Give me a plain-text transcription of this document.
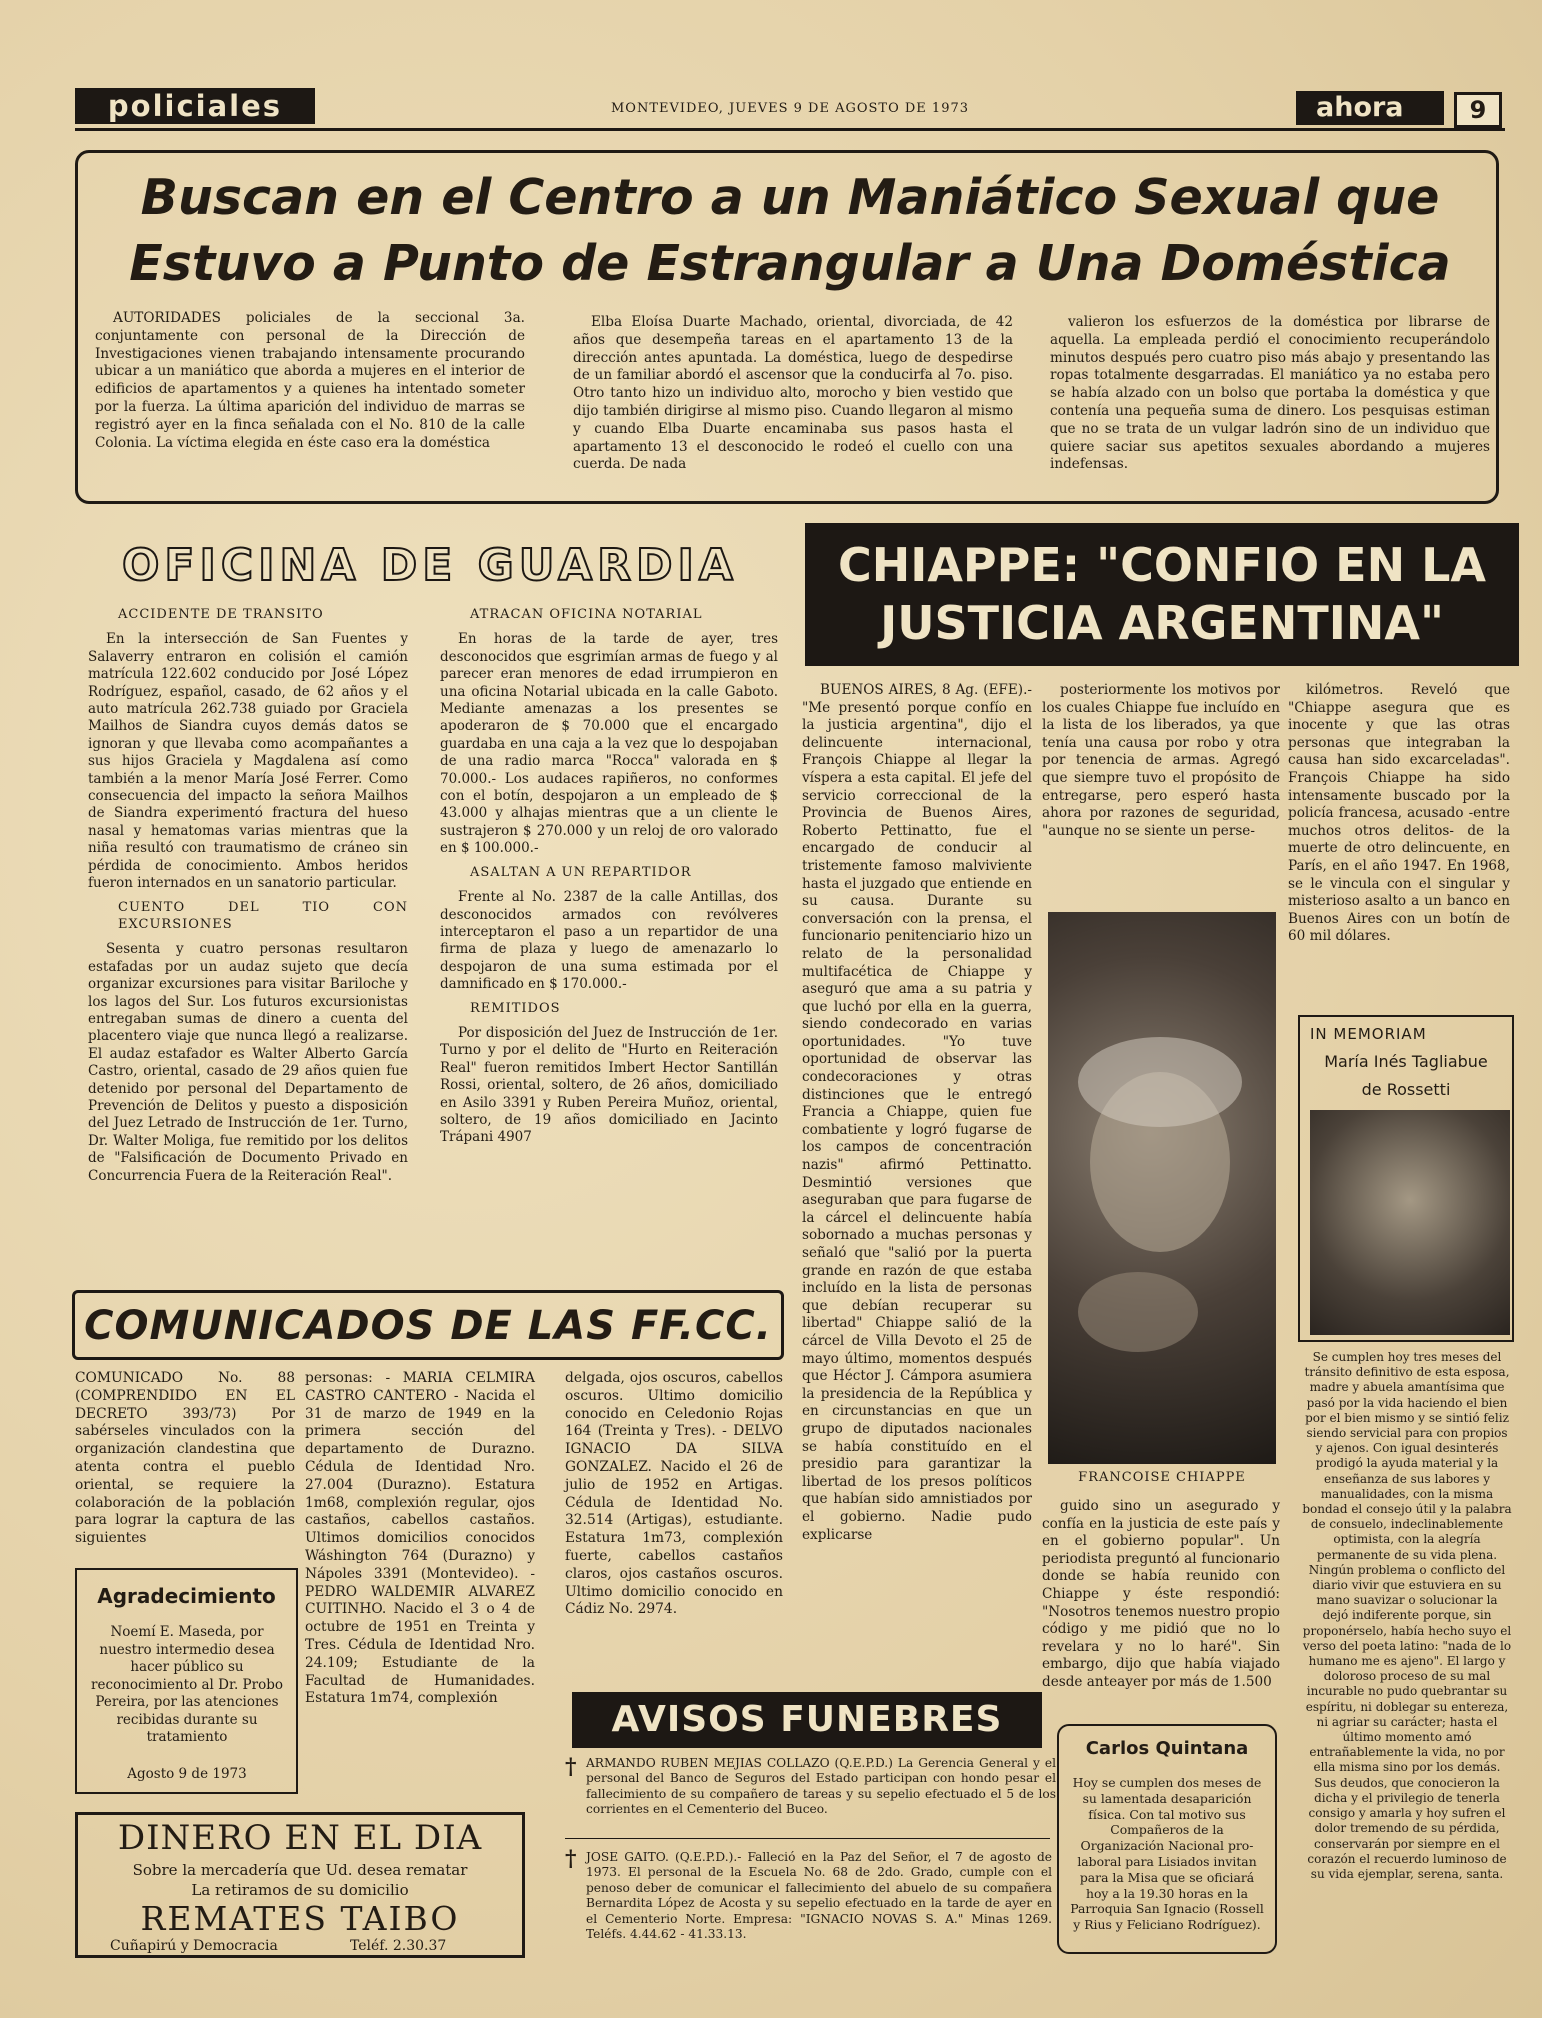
policiales	MONTEVIDEO, JUEVES 9 DE AGOSTO DE 1973	ahora	9
Buscan en el Centro a un Maniático Sexual que
Estuvo a Punto de Estrangular a Una Doméstica

AUTORIDADES policiales de la seccional 3a. conjuntamente con personal de la Dirección de Investigaciones vienen trabajando intensamente procurando ubicar a un maniático que aborda a mujeres en el interior de edificios de apartamentos y a quienes ha intentado someter por la fuerza. La última aparición del individuo de marras se registró ayer en la finca señalada con el No. 810 de la calle Colonia. La víctima elegida en éste caso era la doméstica

Elba Eloísa Duarte Machado, oriental, divorciada, de 42 años que desempeña tareas en el apartamento 13 de la dirección antes apuntada. La doméstica, luego de despedirse de un familiar abordó el ascensor que la conducirfa al 7o. piso. Otro tanto hizo un individuo alto, morocho y bien vestido que dijo también dirigirse al mismo piso. Cuando llegaron al mismo y cuando Elba Duarte encaminaba sus pasos hasta el apartamento 13 el desconocido le rodeó el cuello con una cuerda. De nada

valieron los esfuerzos de la doméstica por librarse de aquella. La empleada perdió el conocimiento recuperándolo minutos después pero cuatro piso más abajo y presentando las ropas totalmente desgarradas. El maniático ya no estaba pero se había alzado con un bolso que portaba la doméstica y que contenía una pequeña suma de dinero. Los pesquisas estiman que no se trata de un vulgar ladrón sino de un individuo que quiere saciar sus apetitos sexuales abordando a mujeres indefensas.

OFICINA DE GUARDIA
ACCIDENTE DE TRANSITO

En la intersección de San Fuentes y Salaverry entraron en colisión el camión matrícula 122.602 conducido por José López Rodríguez, español, casado, de 62 años y el auto matrícula 262.738 guiado por Graciela Mailhos de Siandra cuyos demás datos se ignoran y que llevaba como acompañantes a sus hijos Graciela y Magdalena así como también a la menor María José Ferrer. Como consecuencia del impacto la señora Mailhos de Siandra experimentó fractura del hueso nasal y hematomas varias mientras que la niña resultó con traumatismo de cráneo sin pérdida de conocimiento. Ambos heridos fueron internados en un sanatorio particular.

CUENTO DEL TIO CON EXCURSIONES

Sesenta y cuatro personas resultaron estafadas por un audaz sujeto que decía organizar excursiones para visitar Bariloche y los lagos del Sur. Los futuros excursionistas entregaban sumas de dinero a cuenta del placentero viaje que nunca llegó a realizarse. El audaz estafador es Walter Alberto García Castro, oriental, casado de 29 años quien fue detenido por personal del Departamento de Prevención de Delitos y puesto a disposición del Juez Letrado de Instrucción de 1er. Turno, Dr. Walter Moliga, fue remitido por los delitos de "Falsificación de Documento Privado en Concurrencia Fuera de la Reiteración Real".

ATRACAN OFICINA NOTARIAL

En horas de la tarde de ayer, tres desconocidos que esgrimían armas de fuego y al parecer eran menores de edad irrumpieron en una oficina Notarial ubicada en la calle Gaboto. Mediante amenazas a los presentes se apoderaron de $ 70.000 que el encargado guardaba en una caja a la vez que lo despojaban de una radio marca "Rocca" valorada en $ 70.000.- Los audaces rapiñeros, no conformes con el botín, despojaron a un empleado de $ 43.000 y alhajas mientras que a un cliente le sustrajeron $ 270.000 y un reloj de oro valorado en $ 100.000.-

ASALTAN A UN REPARTIDOR

Frente al No. 2387 de la calle Antillas, dos desconocidos armados con revólveres interceptaron el paso a un repartidor de una firma de plaza y luego de amenazarlo lo despojaron de una suma estimada por el damnificado en $ 170.000.-

REMITIDOS

Por disposición del Juez de Instrucción de 1er. Turno y por el delito de "Hurto en Reiteración Real" fueron remitidos Imbert Hector Santillán Rossi, oriental, soltero, de 26 años, domiciliado en Asilo 3391 y Ruben Pereira Muñoz, oriental, soltero, de 19 años domiciliado en Jacinto Trápani 4907

CHIAPPE: "CONFIO EN LA
JUSTICIA ARGENTINA"

BUENOS AIRES, 8 Ag. (EFE).- "Me presentó porque confío en la justicia argentina", dijo el delincuente internacional, François Chiappe al llegar la víspera a esta capital. El jefe del servicio correccional de la Provincia de Buenos Aires, Roberto Pettinatto, fue el encargado de conducir al tristemente famoso malviviente hasta el juzgado que entiende en su causa. Durante su conversación con la prensa, el funcionario penitenciario hizo un relato de la personalidad multifacética de Chiappe y aseguró que ama a su patria y que luchó por ella en la guerra, siendo condecorado en varias oportunidades. "Yo tuve oportunidad de observar las condecoraciones y otras distinciones que le entregó Francia a Chiappe, quien fue combatiente y logró fugarse de los campos de concentración nazis" afirmó Pettinatto. Desmintió versiones que aseguraban que para fugarse de la cárcel el delincuente había sobornado a muchas personas y señaló que "salió por la puerta grande en razón de que estaba incluído en la lista de personas que debían recuperar su libertad" Chiappe salió de la cárcel de Villa Devoto el 25 de mayo último, momentos después que Héctor J. Cámpora asumiera la presidencia de la República y en circunstancias en que un grupo de diputados nacionales se había constituído en el presidio para garantizar la libertad de los presos políticos que habían sido amnistiados por el gobierno. Nadie pudo explicarse

posteriormente los motivos por los cuales Chiappe fue incluído en la lista de los liberados, ya que tenía una causa por robo y otra por tenencia de armas. Agregó que siempre tuvo el propósito de entregarse, pero esperó hasta ahora por razones de seguridad, "aunque no se siente un perse-

FRANCOISE CHIAPPE

guido sino un asegurado y confía en la justicia de este país y en el gobierno popular". Un periodista preguntó al funcionario donde se había reunido con Chiappe y éste respondió: "Nosotros tenemos nuestro propio código y me pidió que no lo revelara y no lo haré". Sin embargo, dijo que había viajado desde anteayer por más de 1.500

kilómetros. Reveló que "Chiappe asegura que es inocente y que las otras personas que integraban la causa han sido excarceladas". François Chiappe ha sido intensamente buscado por la policía francesa, acusado -entre muchos otros delitos- de la muerte de otro delincuente, en París, en el año 1947. En 1968, se le vincula con el singular y misterioso asalto a un banco en Buenos Aires con un botín de 60 mil dólares.

IN MEMORIAM
María Inés Tagliabue
de Rossetti

Se cumplen hoy tres meses del tránsito definitivo de esta esposa, madre y abuela amantísima que pasó por la vida haciendo el bien por el bien mismo y se sintió feliz siendo servicial para con propios y ajenos. Con igual desinterés prodigó la ayuda material y la enseñanza de sus labores y manualidades, con la misma bondad el consejo útil y la palabra de consuelo, indeclinablemente optimista, con la alegría permanente de su vida plena. Ningún problema o conflicto del diario vivir que estuviera en su mano suavizar o solucionar la dejó indiferente porque, sin proponérselo, había hecho suyo el verso del poeta latino: "nada de lo humano me es ajeno". El largo y doloroso proceso de su mal incurable no pudo quebrantar su espíritu, ni doblegar su entereza, ni agriar su carácter; hasta el último momento amó entrañablemente la vida, no por ella misma sino por los demás. Sus deudos, que conocieron la dicha y el privilegio de tenerla consigo y amarla y hoy sufren el dolor tremendo de su pérdida, conservarán por siempre en el corazón el recuerdo luminoso de su vida ejemplar, serena, santa.

COMUNICADOS DE LAS FF.CC.

COMUNICADO No. 88 (COMPRENDIDO EN EL DECRETO 393/73) Por sabérseles vinculados con la organización clandestina que atenta contra el pueblo oriental, se requiere la colaboración de la población para lograr la captura de las siguientes

personas: - MARIA CELMIRA CASTRO CANTERO - Nacida el 31 de marzo de 1949 en la primera sección del departamento de Durazno. Cédula de Identidad Nro. 27.004 (Durazno). Estatura 1m68, complexión regular, ojos castaños, cabellos castaños. Ultimos domicilios conocidos Wáshington 764 (Durazno) y Nápoles 3391 (Montevideo). - PEDRO WALDEMIR ALVAREZ CUITINHO. Nacido el 3 o 4 de octubre de 1951 en Treinta y Tres. Cédula de Identidad Nro. 24.109; Estudiante de la Facultad de Humanidades. Estatura 1m74, complexión

delgada, ojos oscuros, cabellos oscuros. Ultimo domicilio conocido en Celedonio Rojas 164 (Treinta y Tres). - DELVO IGNACIO DA SILVA GONZALEZ. Nacido el 26 de julio de 1952 en Artigas. Cédula de Identidad No. 32.514 (Artigas), estudiante. Estatura 1m73, complexión fuerte, cabellos castaños claros, ojos castaños oscuros. Ultimo domicilio conocido en Cádiz No. 2974.

Agradecimiento
Noemí E. Maseda, por nuestro intermedio desea hacer público su reconocimiento al Dr. Probo Pereira, por las atenciones recibidas durante su tratamiento
Agosto 9 de 1973
DINERO EN EL DIA
Sobre la mercadería que Ud. desea rematar
La retiramos de su domicilio
REMATES TAIBO
Cuñapirú y Democracia	Teléf. 2.30.37
AVISOS FUNEBRES
† ARMANDO RUBEN MEJIAS COLLAZO (Q.E.P.D.) La Gerencia General y el personal del Banco de Seguros del Estado participan con hondo pesar el fallecimiento de su compañero de tareas y su sepelio efectuado el 5 de los corrientes en el Cementerio del Buceo.
† JOSE GAITO. (Q.E.P.D.).- Falleció en la Paz del Señor, el 7 de agosto de 1973. El personal de la Escuela No. 68 de 2do. Grado, cumple con el penoso deber de comunicar el fallecimiento del abuelo de su compañera Bernardita López de Acosta y su sepelio efectuado en la tarde de ayer en el Cementerio Norte. Empresa: "IGNACIO NOVAS S. A." Minas 1269. Teléfs. 4.44.62 - 41.33.13.
Carlos Quintana
Hoy se cumplen dos meses de su lamentada desaparición física. Con tal motivo sus Compañeros de la Organización Nacional pro-laboral para Lisiados invitan para la Misa que se oficiará hoy a la 19.30 horas en la Parroquia San Ignacio (Rossell y Rius y Feliciano Rodríguez).
